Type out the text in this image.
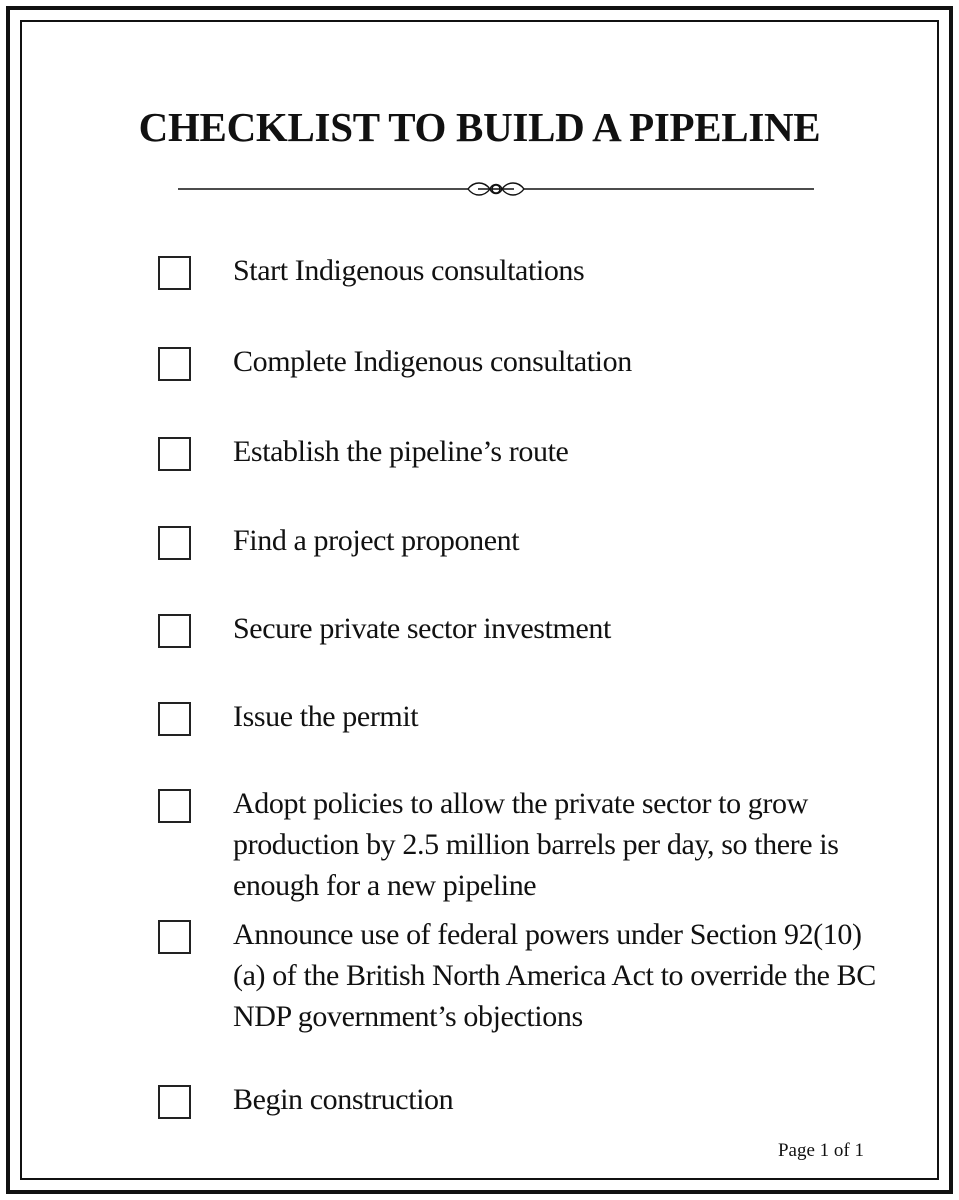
CHECKLIST TO BUILD A PIPELINE
Start Indigenous consultations
Complete Indigenous consultation
Establish the pipeline’s route
Find a project proponent
Secure private sector investment
Issue the permit
Adopt policies to allow the private sector to grow production by 2.5 million barrels per day, so there is enough for a new pipeline
Announce use of federal powers under Section 92(10)(a) of the British North America Act to override the BC NDP government’s objections
Begin construction
Page 1 of 1
